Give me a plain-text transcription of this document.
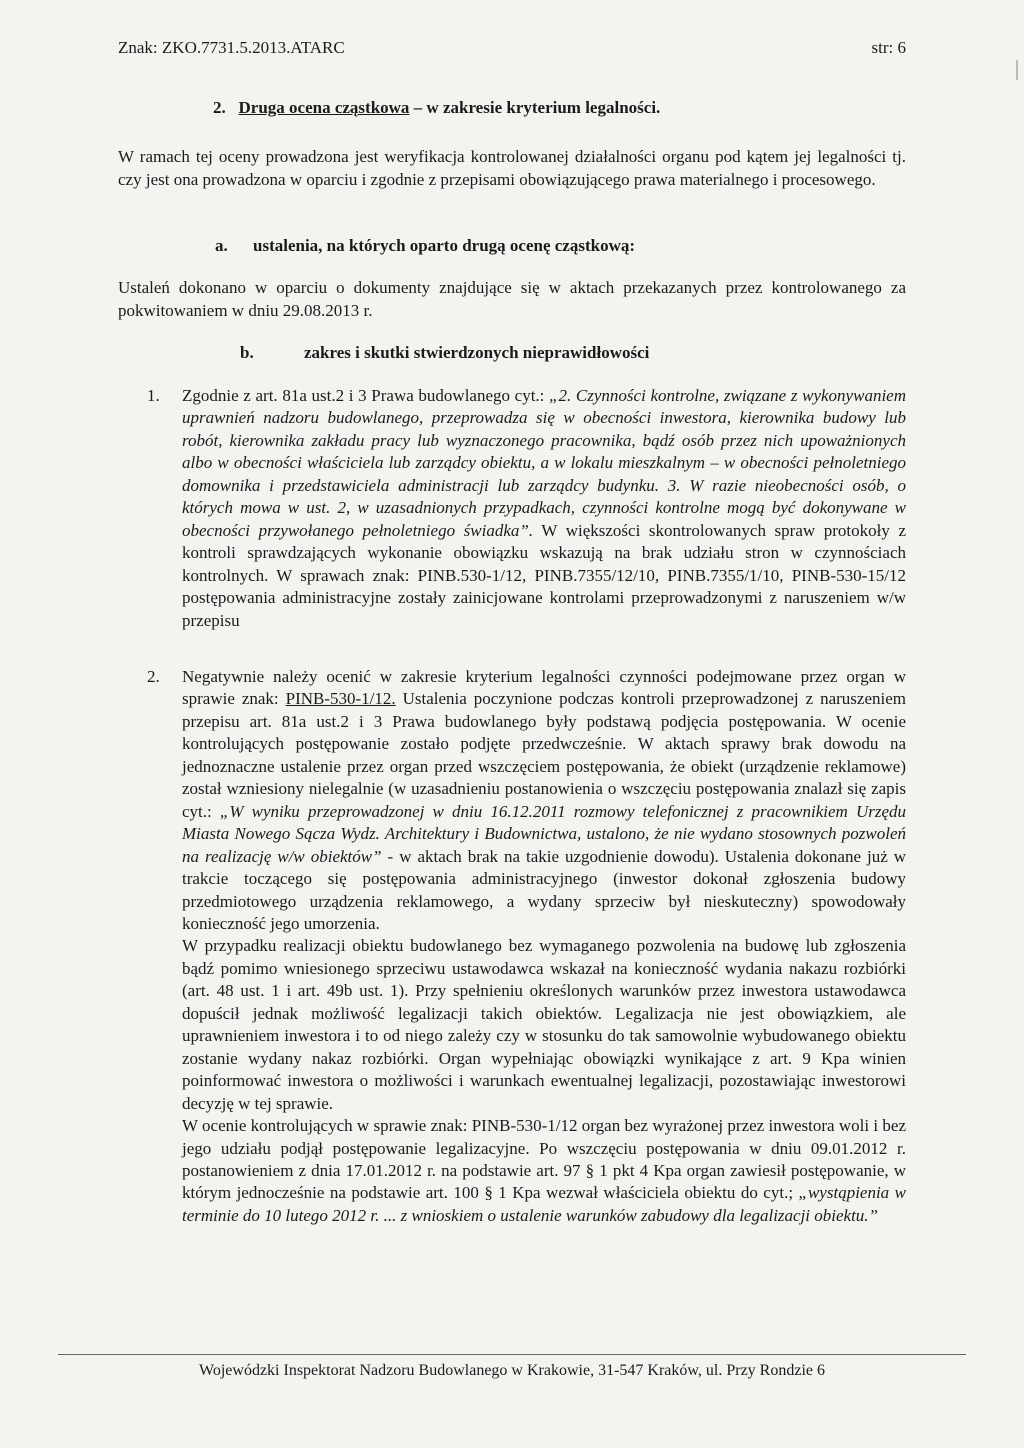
Znak: ZKO.7731.5.2013.ATARC	str: 6
2. Druga ocena cząstkowa – w zakresie kryterium legalności.
W ramach tej oceny prowadzona jest weryfikacja kontrolowanej działalności organu pod kątem jej legalności tj. czy jest ona prowadzona w oparciu i zgodnie z przepisami obowiązującego prawa materialnego i procesowego.
a. ustalenia, na których oparto drugą ocenę cząstkową:
Ustaleń dokonano w oparciu o dokumenty znajdujące się w aktach przekazanych przez kontrolowanego za pokwitowaniem w dniu 29.08.2013 r.
b.	zakres i skutki stwierdzonych nieprawidłowości
1. Zgodnie z art. 81a ust.2 i 3 Prawa budowlanego cyt.: „2. Czynności kontrolne, związane z wykonywaniem uprawnień nadzoru budowlanego, przeprowadza się w obecności inwestora, kierownika budowy lub robót, kierownika zakładu pracy lub wyznaczonego pracownika, bądź osób przez nich upoważnionych albo w obecności właściciela lub zarządcy obiektu, a w lokalu mieszkalnym – w obecności pełnoletniego domownika i przedstawiciela administracji lub zarządcy budynku. 3. W razie nieobecności osób, o których mowa w ust. 2, w uzasadnionych przypadkach, czynności kontrolne mogą być dokonywane w obecności przywołanego pełnoletniego świadka”. W większości skontrolowanych spraw protokoły z kontroli sprawdzających wykonanie obowiązku wskazują na brak udziału stron w czynnościach kontrolnych. W sprawach znak: PINB.530-1/12, PINB.7355/12/10, PINB.7355/1/10, PINB-530-15/12 postępowania administracyjne zostały zainicjowane kontrolami przeprowadzonymi z naruszeniem w/w przepisu
2. Negatywnie należy ocenić w zakresie kryterium legalności czynności podejmowane przez organ w sprawie znak: PINB-530-1/12. Ustalenia poczynione podczas kontroli przeprowadzonej z naruszeniem przepisu art. 81a ust.2 i 3 Prawa budowlanego były podstawą podjęcia postępowania. W ocenie kontrolujących postępowanie zostało podjęte przedwcześnie. W aktach sprawy brak dowodu na jednoznaczne ustalenie przez organ przed wszczęciem postępowania, że obiekt (urządzenie reklamowe) został wzniesiony nielegalnie (w uzasadnieniu postanowienia o wszczęciu postępowania znalazł się zapis cyt.: „W wyniku przeprowadzonej w dniu 16.12.2011 rozmowy telefonicznej z pracownikiem Urzędu Miasta Nowego Sącza Wydz. Architektury i Budownictwa, ustalono, że nie wydano stosownych pozwoleń na realizację w/w obiektów” - w aktach brak na takie uzgodnienie dowodu). Ustalenia dokonane już w trakcie toczącego się postępowania administracyjnego (inwestor dokonał zgłoszenia budowy przedmiotowego urządzenia reklamowego, a wydany sprzeciw był nieskuteczny) spowodowały konieczność jego umorzenia.

W przypadku realizacji obiektu budowlanego bez wymaganego pozwolenia na budowę lub zgłoszenia bądź pomimo wniesionego sprzeciwu ustawodawca wskazał na konieczność wydania nakazu rozbiórki (art. 48 ust. 1 i art. 49b ust. 1). Przy spełnieniu określonych warunków przez inwestora ustawodawca dopuścił jednak możliwość legalizacji takich obiektów. Legalizacja nie jest obowiązkiem, ale uprawnieniem inwestora i to od niego zależy czy w stosunku do tak samowolnie wybudowanego obiektu zostanie wydany nakaz rozbiórki. Organ wypełniając obowiązki wynikające z art. 9 Kpa winien poinformować inwestora o możliwości i warunkach ewentualnej legalizacji, pozostawiając inwestorowi decyzję w tej sprawie.

W ocenie kontrolujących w sprawie znak: PINB-530-1/12 organ bez wyrażonej przez inwestora woli i bez jego udziału podjął postępowanie legalizacyjne. Po wszczęciu postępowania w dniu 09.01.2012 r. postanowieniem z dnia 17.01.2012 r. na podstawie art. 97 § 1 pkt 4 Kpa organ zawiesił postępowanie, w którym jednocześnie na podstawie art. 100 § 1 Kpa wezwał właściciela obiektu do cyt.; „wystąpienia w terminie do 10 lutego 2012 r. ... z wnioskiem o ustalenie warunków zabudowy dla legalizacji obiektu.”

Wojewódzki Inspektorat Nadzoru Budowlanego w Krakowie, 31-547 Kraków, ul. Przy Rondzie 6
